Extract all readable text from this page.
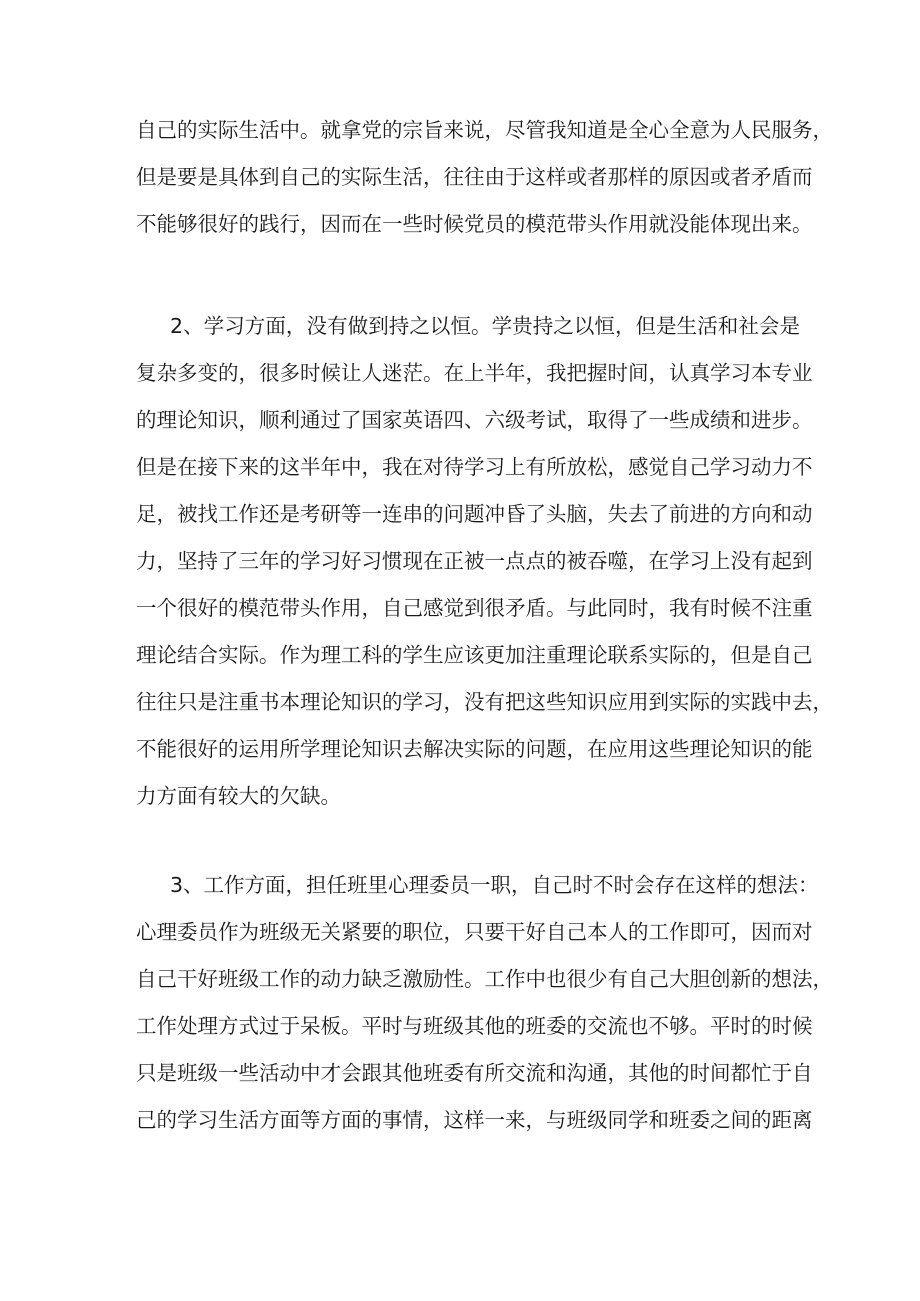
自己的实际生活中。就拿党的宗旨来说，尽管我知道是全心全意为人民服务，
但是要是具体到自己的实际生活，往往由于这样或者那样的原因或者矛盾而
不能够很好的践行，因而在一些时候党员的模范带头作用就没能体现出来。
2、学习方面，没有做到持之以恒。学贵持之以恒，但是生活和社会是
复杂多变的，很多时候让人迷茫。在上半年，我把握时间，认真学习本专业
的理论知识，顺利通过了国家英语四、六级考试，取得了一些成绩和进步。
但是在接下来的这半年中，我在对待学习上有所放松，感觉自己学习动力不
足，被找工作还是考研等一连串的问题冲昏了头脑，失去了前进的方向和动
力，坚持了三年的学习好习惯现在正被一点点的被吞噬，在学习上没有起到
一个很好的模范带头作用，自己感觉到很矛盾。与此同时，我有时候不注重
理论结合实际。作为理工科的学生应该更加注重理论联系实际的，但是自己
往往只是注重书本理论知识的学习，没有把这些知识应用到实际的实践中去，
不能很好的运用所学理论知识去解决实际的问题，在应用这些理论知识的能
力方面有较大的欠缺。
3、工作方面，担任班里心理委员一职，自己时不时会存在这样的想法：
心理委员作为班级无关紧要的职位，只要干好自己本人的工作即可，因而对
自己干好班级工作的动力缺乏激励性。工作中也很少有自己大胆创新的想法，
工作处理方式过于呆板。平时与班级其他的班委的交流也不够。平时的时候
只是班级一些活动中才会跟其他班委有所交流和沟通，其他的时间都忙于自
己的学习生活方面等方面的事情，这样一来，与班级同学和班委之间的距离
